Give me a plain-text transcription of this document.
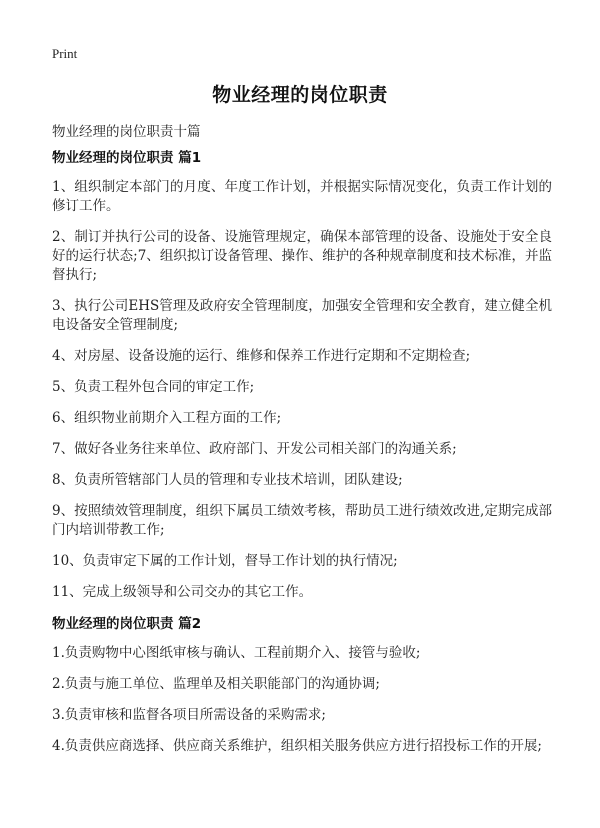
Print
物业经理的岗位职责
物业经理的岗位职责十篇
物业经理的岗位职责 篇1

1、组织制定本部门的月度、年度工作计划，并根据实际情况变化，负责工作计划的修订工作。

2、制订并执行公司的设备、设施管理规定，确保本部管理的设备、设施处于安全良好的运行状态;7、组织拟订设备管理、操作、维护的各种规章制度和技术标准，并监督执行;

3、执行公司EHS管理及政府安全管理制度，加强安全管理和安全教育，建立健全机电设备安全管理制度;

4、对房屋、设备设施的运行、维修和保养工作进行定期和不定期检查;

5、负责工程外包合同的审定工作;

6、组织物业前期介入工程方面的工作;

7、做好各业务往来单位、政府部门、开发公司相关部门的沟通关系;

8、负责所管辖部门人员的管理和专业技术培训，团队建设;

9、按照绩效管理制度，组织下属员工绩效考核，帮助员工进行绩效改进,定期完成部门内培训带教工作;

10、负责审定下属的工作计划，督导工作计划的执行情况;

11、完成上级领导和公司交办的其它工作。

物业经理的岗位职责 篇2

1.负责购物中心图纸审核与确认、工程前期介入、接管与验收;

2.负责与施工单位、监理单及相关职能部门的沟通协调;

3.负责审核和监督各项目所需设备的采购需求;

4.负责供应商选择、供应商关系维护，组织相关服务供应方进行招投标工作的开展;
